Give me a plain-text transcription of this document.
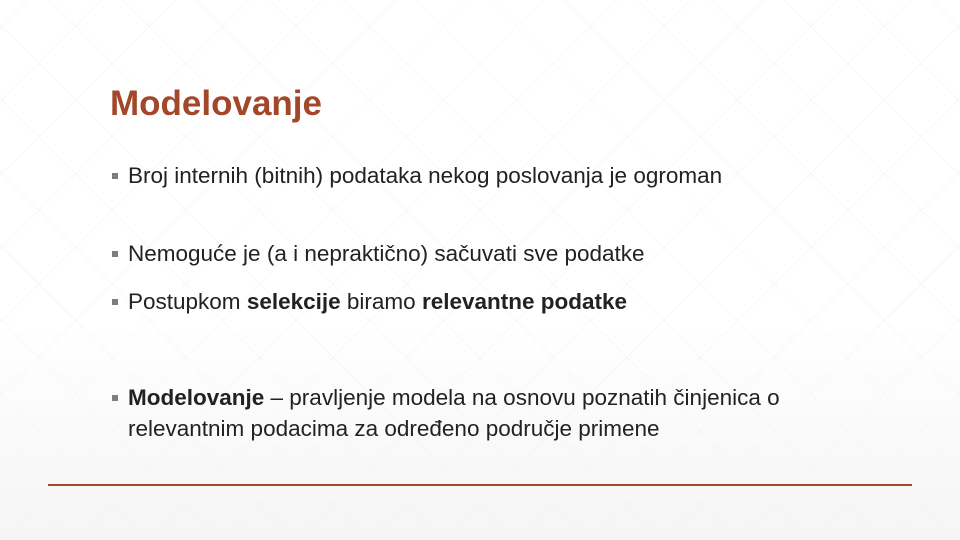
Modelovanje
Broj internih (bitnih) podataka nekog poslovanja je ogroman
Nemoguće je (a i nepraktično) sačuvati sve podatke
Postupkom selekcije biramo relevantne podatke
Modelovanje – pravljenje modela na osnovu poznatih činjenica o relevantnim podacima za određeno područje primene
